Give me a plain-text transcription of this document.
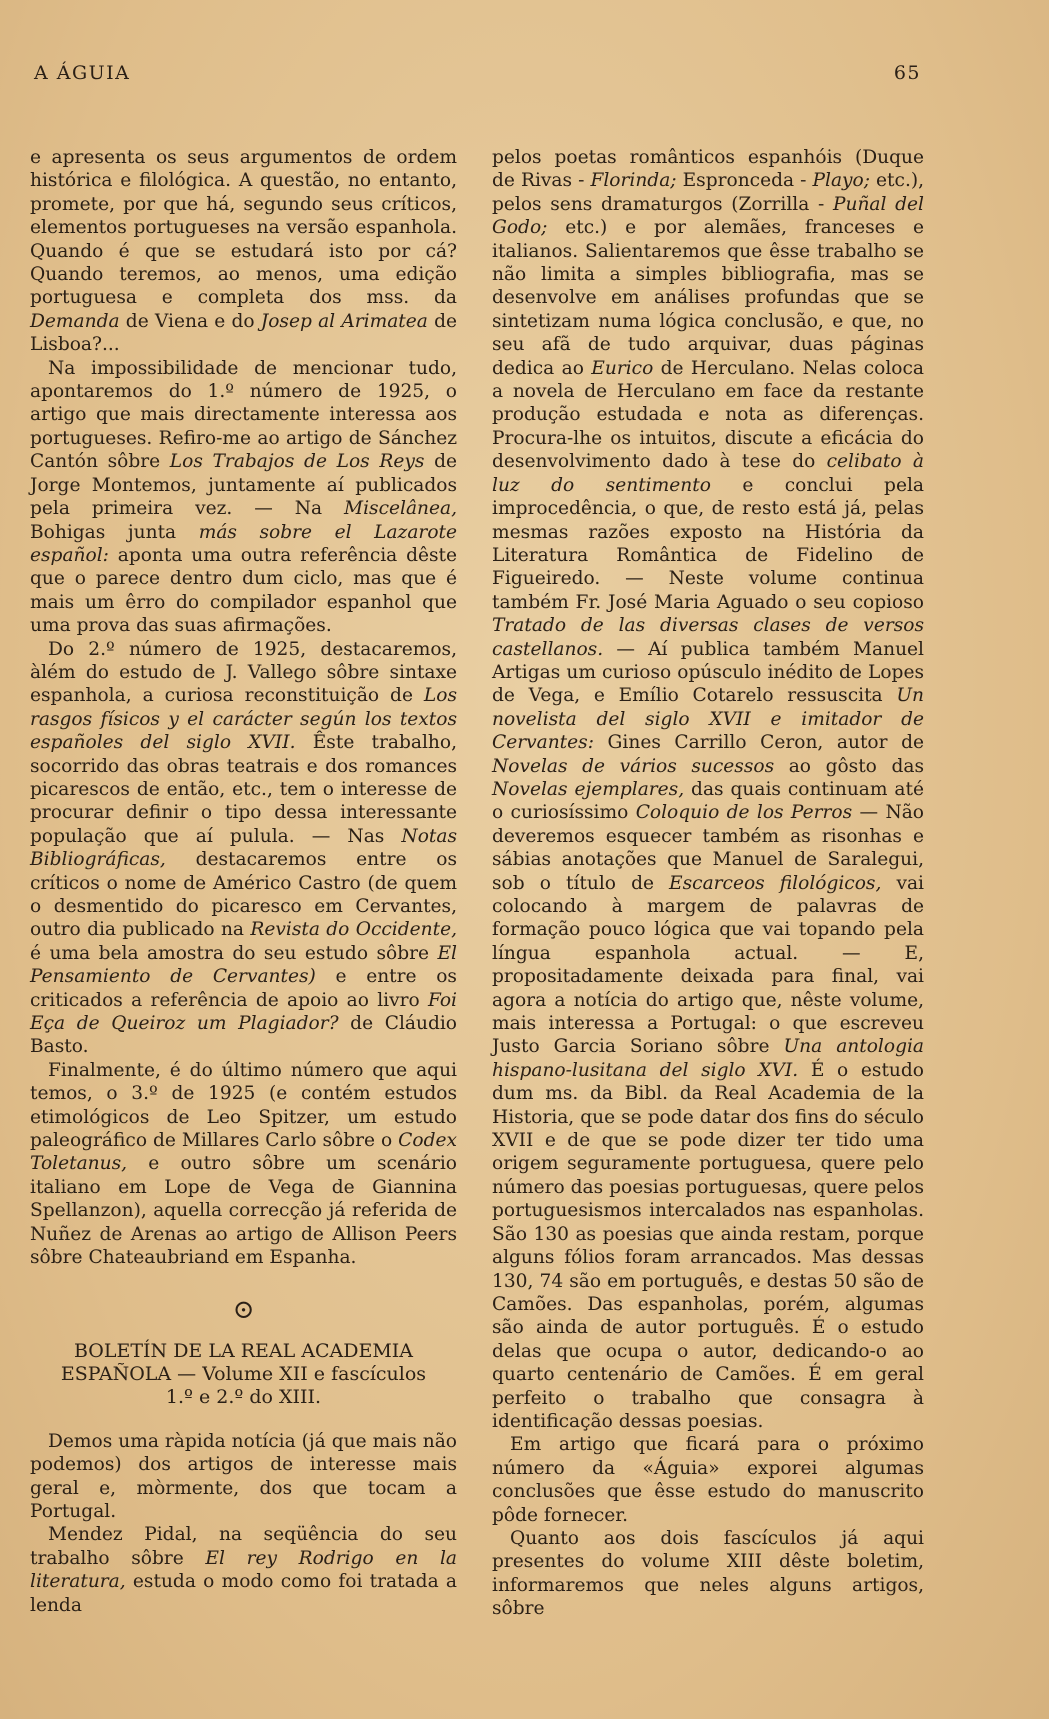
A ÁGUIA	65

e apresenta os seus argumentos de ordem histórica e filológica. A questão, no entanto, promete, por que há, segundo seus críticos, elementos portugueses na versão espanhola. Quando é que se estudará isto por cá? Quando teremos, ao menos, uma edição portuguesa e completa dos mss. da Demanda de Viena e do Josep al Arimatea de Lisboa?...

Na impossibilidade de mencionar tudo, apontaremos do 1.º número de 1925, o artigo que mais directamente interessa aos portugueses. Refiro-me ao artigo de Sánchez Cantón sôbre Los Trabajos de Los Reys de Jorge Montemos, juntamente aí publicados pela primeira vez. — Na Miscelânea, Bohigas junta más sobre el Lazarote español: aponta uma outra referência dêste que o parece dentro dum ciclo, mas que é mais um êrro do compilador espanhol que uma prova das suas afirmações.

Do 2.º número de 1925, destacaremos, àlém do estudo de J. Vallego sôbre sintaxe espanhola, a curiosa reconstituição de Los rasgos físicos y el carácter según los textos españoles del siglo XVII. Êste trabalho, socorrido das obras teatrais e dos romances picarescos de então, etc., tem o interesse de procurar definir o tipo dessa interessante população que aí pulula. — Nas Notas Bibliográficas, destacaremos entre os críticos o nome de Américo Castro (de quem o desmentido do picaresco em Cervantes, outro dia publicado na Revista do Occidente, é uma bela amostra do seu estudo sôbre El Pensamiento de Cervantes) e entre os criticados a referência de apoio ao livro Foi Eça de Queiroz um Plagiador? de Cláudio Basto.

Finalmente, é do último número que aqui temos, o 3.º de 1925 (e contém estudos etimológicos de Leo Spitzer, um estudo paleográfico de Millares Carlo sôbre o Codex Toletanus, e outro sôbre um scenário italiano em Lope de Vega de Giannina Spellanzon), aquella correcção já referida de Nuñez de Arenas ao artigo de Allison Peers sôbre Chateaubriand em Espanha.

⊙
BOLETÍN DE LA REAL ACADEMIA ESPAÑOLA — Volume XII e fascículos 1.º e 2.º do XIII.

Demos uma ràpida notícia (já que mais não podemos) dos artigos de interesse mais geral e, mòrmente, dos que tocam a Portugal.

Mendez Pidal, na seqüência do seu trabalho sôbre El rey Rodrigo en la literatura, estuda o modo como foi tratada a lenda

pelos poetas românticos espanhóis (Duque de Rivas - Florinda; Espronceda - Playo; etc.), pelos sens dramaturgos (Zorrilla - Puñal del Godo; etc.) e por alemães, franceses e italianos. Salientaremos que êsse trabalho se não limita a simples bibliografia, mas se desenvolve em análises profundas que se sintetizam numa lógica conclusão, e que, no seu afã de tudo arquivar, duas páginas dedica ao Eurico de Herculano. Nelas coloca a novela de Herculano em face da restante produção estudada e nota as diferenças. Procura-lhe os intuitos, discute a eficácia do desenvolvimento dado à tese do celibato à luz do sentimento e conclui pela improcedência, o que, de resto está já, pelas mesmas razões exposto na História da Literatura Romântica de Fidelino de Figueiredo. — Neste volume continua também Fr. José Maria Aguado o seu copioso Tratado de las diversas clases de versos castellanos. — Aí publica também Manuel Artigas um curioso opúsculo inédito de Lopes de Vega, e Emílio Cotarelo ressuscita Un novelista del siglo XVII e imitador de Cervantes: Gines Carrillo Ceron, autor de Novelas de vários sucessos ao gôsto das Novelas ejemplares, das quais continuam até o curiosíssimo Coloquio de los Perros — Não deveremos esquecer também as risonhas e sábias anotações que Manuel de Saralegui, sob o título de Escarceos filológicos, vai colocando à margem de palavras de formação pouco lógica que vai topando pela língua espanhola actual. — E, propositadamente deixada para final, vai agora a notícia do artigo que, nêste volume, mais interessa a Portugal: o que escreveu Justo Garcia Soriano sôbre Una antologia hispano-lusitana del siglo XVI. É o estudo dum ms. da Bibl. da Real Academia de la Historia, que se pode datar dos fins do século XVII e de que se pode dizer ter tido uma origem seguramente portuguesa, quere pelo número das poesias portuguesas, quere pelos portuguesismos intercalados nas espanholas. São 130 as poesias que ainda restam, porque alguns fólios foram arrancados. Mas dessas 130, 74 são em português, e destas 50 são de Camões. Das espanholas, porém, algumas são ainda de autor português. É o estudo delas que ocupa o autor, dedicando-o ao quarto centenário de Camões. É em geral perfeito o trabalho que consagra à identificação dessas poesias.

Em artigo que ficará para o próximo número da «Águia» exporei algumas conclusões que êsse estudo do manuscrito pôde fornecer.

Quanto aos dois fascículos já aqui presentes do volume XIII dêste boletim, informaremos que neles alguns artigos, sôbre
